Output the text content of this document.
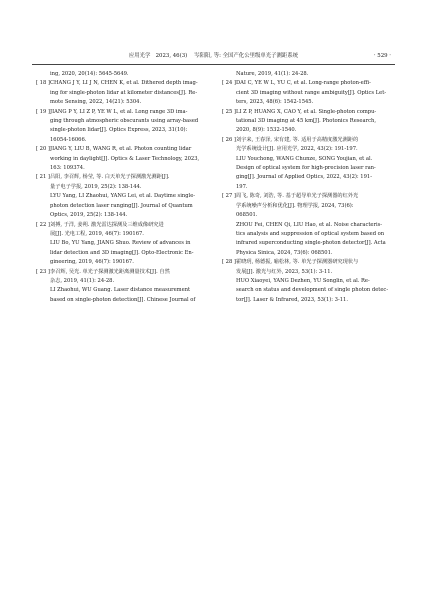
应用光学 2023, 46(3) 岑阳阳, 等: 全国产化公里级单光子测距系统	· 529 ·
ing, 2020, 20(14): 5645-5649.
[ 18 ] CHANG J Y, LI J N, CHEN K, et al. Dithered depth imag-
ing for single-photon lidar at kilometer distances[J]. Re-
mote Sensing, 2022, 14(21): 5304.
[ 19 ] JIANG P Y, LI Z P, YE W L, et al. Long range 3D ima-
ging through atmospheric obscurants using array-based
single-photon lidar[J]. Optics Express, 2023, 31(10):
16054-16066.
[ 20 ] JIANG Y, LIU B, WANG R, et al. Photon counting lidar
working in daylight[J]. Optics & Laser Technology, 2023,
163: 109374.
[ 21 ] 吕阳, 李召辉, 杨莹, 等. 白天单光子探测激光测距[J].
量子电子学报, 2019, 25(2): 138-144.
LYU Yang, LI Zhaohui, YANG Lei, et al. Daytime single-
photon detection laser ranging[J]. Journal of Quantum
Optics, 2019, 25(2): 138-144.
[ 22 ] 刘搏, 于洋, 姜朔. 激光雷达探测及三维成像研究进
展[J]. 光电工程, 2019, 46(7): 190167.
LIU Bo, YU Yang, JIANG Shuo. Review of advances in
lidar detection and 3D imaging[J]. Opto-Electronic En-
gineering, 2019, 46(7): 190167.
[ 23 ] 李召辉, 吴光. 单光子探测激光距离测量技术[J]. 自然
杂志, 2019, 41(1): 24-28.
LI Zhaohui, WU Guang. Laser distance measurement
based on single-photon detection[J]. Chinese Journal of
Nature, 2019, 41(1): 24-28.
[ 24 ] DAI C, YE W L, YU C, et al. Long-range photon-effi-
cient 3D imaging without range ambiguity[J]. Optics Let-
ters, 2023, 48(6): 1542-1545.
[ 25 ] LI Z P, HUANG X, CAO Y, et al. Single-photon compu-
tational 3D imaging at 45 km[J]. Photonics Research,
2020, 8(9): 1532-1540.
[ 26 ] 刘宇来, 王春泽, 宋有建, 等. 适用于高精度激光测距的
光学系统设计[J]. 应用光学, 2022, 43(2): 191-197.
LIU Youchong, WANG Chunze, SONG Youjian, et al.
Design of optical system for high-precision laser ran-
ging[J]. Journal of Applied Optics, 2022, 43(2): 191-
197.
[ 27 ] 周飞, 陈奇, 刘浩, 等. 基于超导单光子探测器的红外光
学系统噪声分析和优化[J]. 物理学报, 2024, 73(6):
068501.
ZHOU Fei, CHEN Qi, LIU Hao, et al. Noise characteris-
tics analysis and suppression of optical system based on
infrared superconducting single-photon detector[J]. Acta
Physica Sinica, 2024, 73(6): 068501.
[ 28 ] 霍晓玥, 杨德振, 喻松林, 等. 单光子探测器研究现状与
发展[J]. 激光与红外, 2023, 53(1): 3-11.
HUO Xiaoyei, YANG Dezhen, YU Songlin, et al. Re-
search on status and development of single photon detec-
tor[J]. Laser & Infrared, 2023, 53(1): 3-11.
